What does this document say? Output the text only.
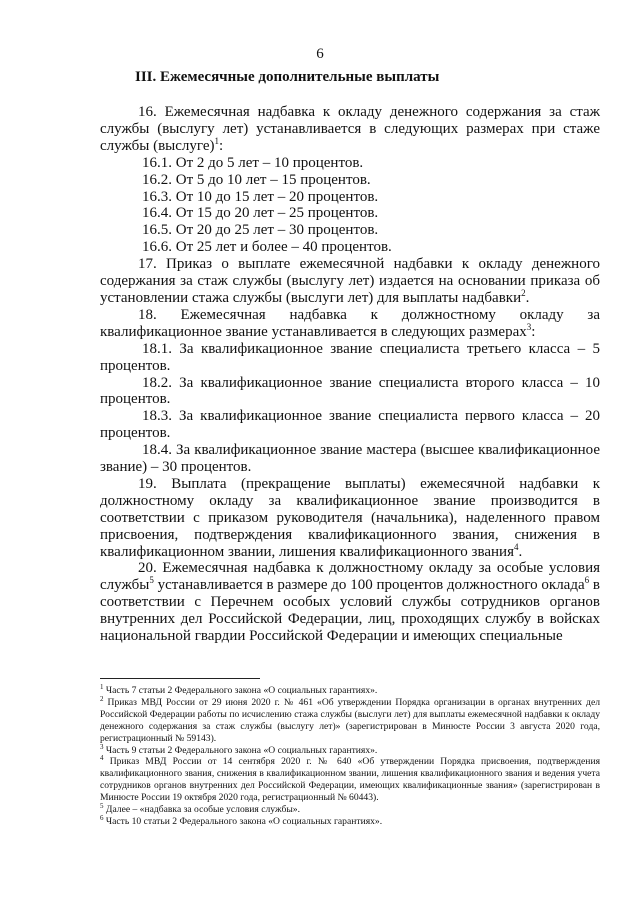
6
III. Ежемесячные дополнительные выплаты

16. Ежемесячная надбавка к окладу денежного содержания за стаж службы (выслугу лет) устанавливается в следующих размерах при стаже службы (выслуге)$^1$:

16.1. От 2 до 5 лет – 10 процентов.

16.2. От 5 до 10 лет – 15 процентов.

16.3. От 10 до 15 лет – 20 процентов.

16.4. От 15 до 20 лет – 25 процентов.

16.5. От 20 до 25 лет – 30 процентов.

16.6. От 25 лет и более – 40 процентов.

17. Приказ о выплате ежемесячной надбавки к окладу денежного содержания за стаж службы (выслугу лет) издается на основании приказа об установлении стажа службы (выслуги лет) для выплаты надбавки$^2$.

18. Ежемесячная надбавка к должностному окладу за квалификационное звание устанавливается в следующих размерах$^3$:

18.1. За квалификационное звание специалиста третьего класса – 5 процентов.

18.2. За квалификационное звание специалиста второго класса – 10 процентов.

18.3. За квалификационное звание специалиста первого класса – 20 процентов.

18.4. За квалификационное звание мастера (высшее квалификационное звание) – 30 процентов.

19. Выплата (прекращение выплаты) ежемесячной надбавки к должностному окладу за квалификационное звание производится в соответствии с приказом руководителя (начальника), наделенного правом присвоения, подтверждения квалификационного звания, снижения в квалификационном звании, лишения квалификационного звания$^4$.

20. Ежемесячная надбавка к должностному окладу за особые условия службы$^5$ устанавливается в размере до 100 процентов должностного оклада$^6$ в соответствии с Перечнем особых условий службы сотрудников органов внутренних дел Российской Федерации, лиц, проходящих службу в войсках национальной гвардии Российской Федерации и имеющих специальные

$^1$ Часть 7 статьи 2 Федерального закона «О социальных гарантиях».

$^2$ Приказ МВД России от 29 июня 2020 г. № 461 «Об утверждении Порядка организации в органах внутренних дел Российской Федерации работы по исчислению стажа службы (выслуги лет) для выплаты ежемесячной надбавки к окладу денежного содержания за стаж службы (выслугу лет)» (зарегистрирован в Минюсте России 3 августа 2020 года, регистрационный № 59143).

$^3$ Часть 9 статьи 2 Федерального закона «О социальных гарантиях».

$^4$ Приказ МВД России от 14 сентября 2020 г. № 640 «Об утверждении Порядка присвоения, подтверждения квалификационного звания, снижения в квалификационном звании, лишения квалификационного звания и ведения учета сотрудников органов внутренних дел Российской Федерации, имеющих квалификационные звания» (зарегистрирован в Минюсте России 19 октября 2020 года, регистрационный № 60443).

$^5$ Далее – «надбавка за особые условия службы».

$^6$ Часть 10 статьи 2 Федерального закона «О социальных гарантиях».
